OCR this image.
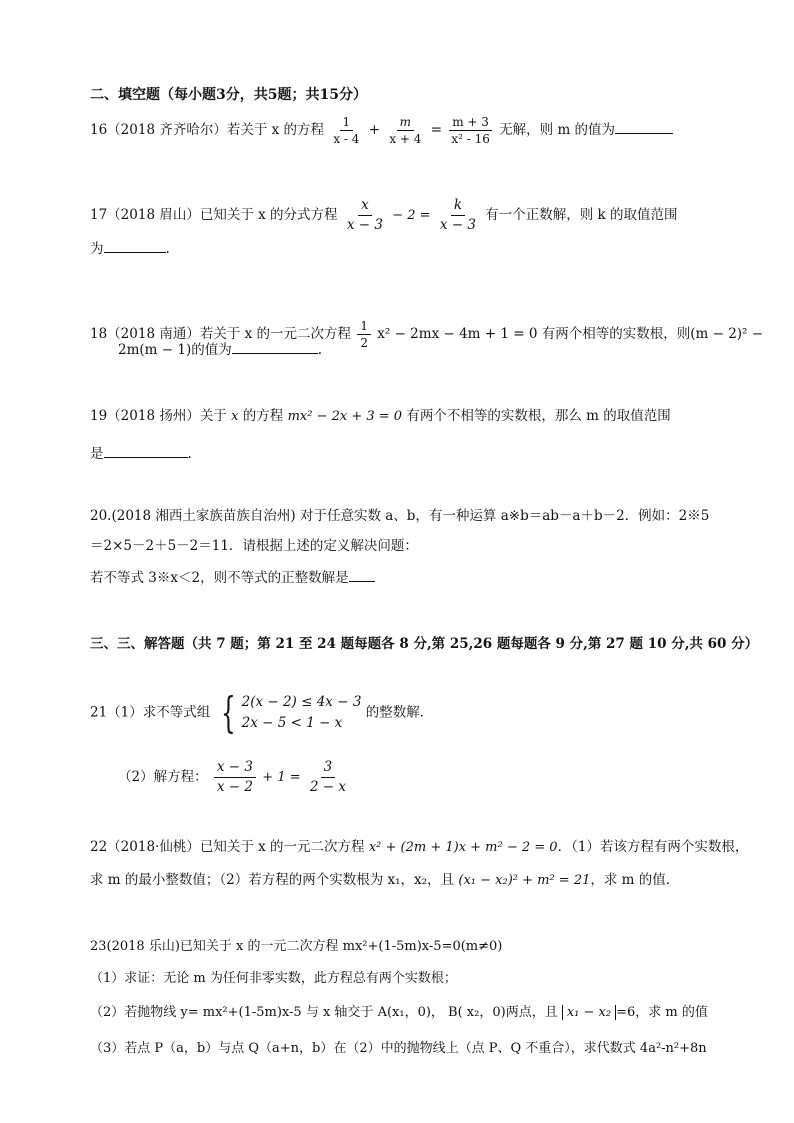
二、填空题（每小题3分，共5题；共15分）
16（2018 齐齐哈尔）若关于 x 的方程 $\frac{1}{x - 4} + \frac{m}{x + 4} = \frac{m + 3}{\text{x² - 16}}$ 无解，则 m 的值为
17（2018 眉山）已知关于 x 的分式方程 $\frac{x}{x - 3} - 2 = \frac{k}{x - 3}$ 有一个正数解，则 k 的取值范围
为	.
18（2018 南通）若关于 x 的一元二次方程 $\frac{1}{2} x^2 - 2mx - 4m + 1 = 0$ 有两个相等的实数根，则(m − 2)² −
2m(m − 1)的值为	.
19（2018 扬州）关于 x 的方程 mx² − 2x + 3 = 0 有两个不相等的实数根，那么 m 的取值范围
是	.
20.(2018 湘西土家族苗族自治州) 对于任意实数 a、b，有一种运算 a※b＝ab－a＋b－2．例如：2※5
＝2×5－2＋5－2＝11．请根据上述的定义解决问题：
若不等式 3※x＜2，则不等式的正整数解是
三、三、解答题（共 7 题；第 21 至 24 题每题各 8 分,第 25,26 题每题各 9 分,第 27 题 10 分,共 60 分）
21（1）求不等式组 { 2(x − 2) ≤ 4x − 3
2x − 5 < 1 − x
的整数解．
（2）解方程： $\frac{x - 3}{x - 2} + 1 = \frac{3}{2 - x}$
22（2018·仙桃）已知关于 x 的一元二次方程 x² + (2m + 1)x + m² − 2 = 0．（1）若该方程有两个实数根，
求 m 的最小整数值；（2）若方程的两个实数根为 x₁，x₂，且 (x₁ − x₂)² + m² = 21，求 m 的值．
23(2018 乐山)已知关于 x 的一元二次方程 mx²+(1-5m)x-5=0(m≠0)
（1）求证：无论 m 为任何非零实数，此方程总有两个实数根；
（2）若抛物线 y= mx²+(1-5m)x-5 与 x 轴交于 A(x₁，0)， B( x₂，0)两点，且 x₁ − x₂ =6，求 m 的值
（3）若点 P（a，b）与点 Q（a+n，b）在（2）中的抛物线上（点 P、Q 不重合），求代数式 4a²-n²+8n
